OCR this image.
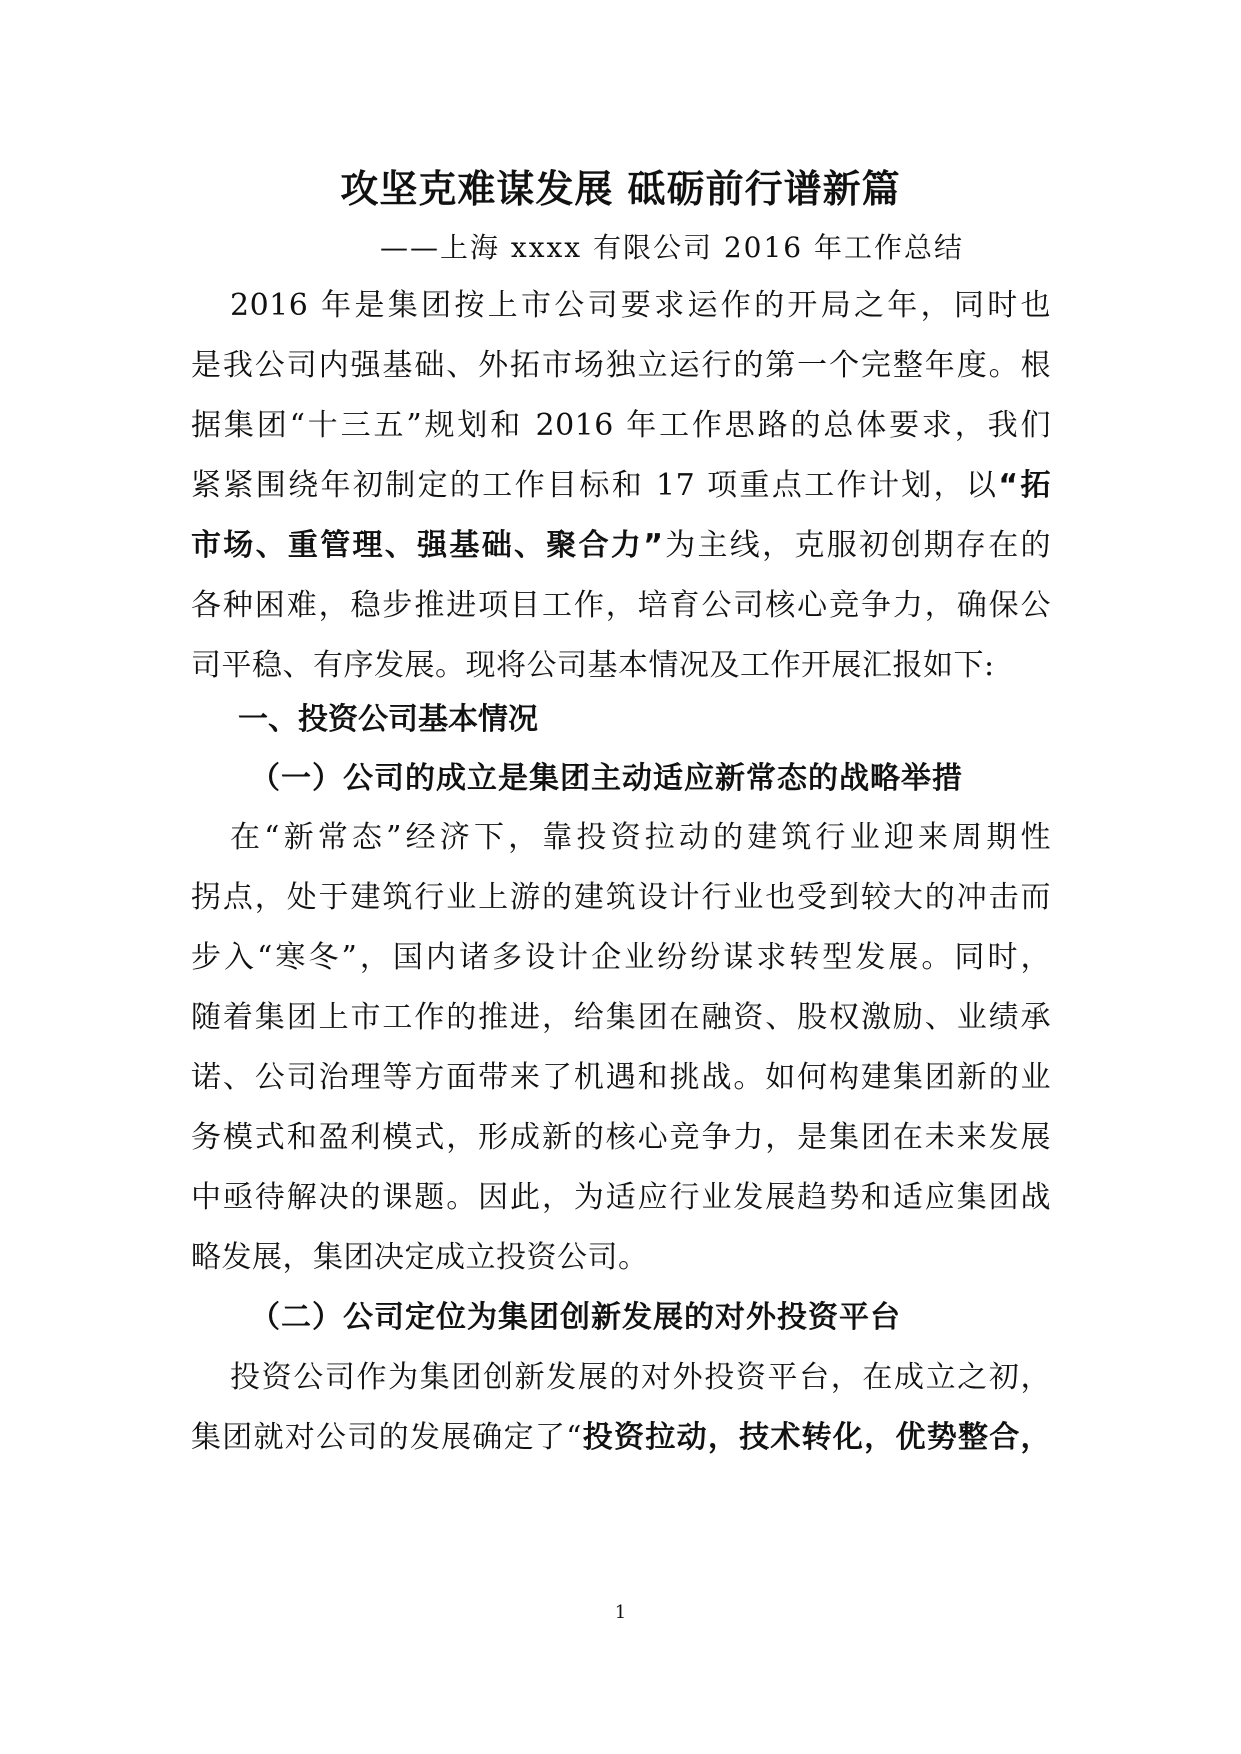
攻坚克难谋发展 砥砺前行谱新篇
——上海 xxxx 有限公司 2016 年工作总结
2016 年是集团按上市公司要求运作的开局之年，同时也
是我公司内强基础、外拓市场独立运行的第一个完整年度。根
据集团“十三五”规划和 2016 年工作思路的总体要求，我们
紧紧围绕年初制定的工作目标和 17 项重点工作计划，以“拓
市场、重管理、强基础、聚合力”为主线，克服初创期存在的
各种困难，稳步推进项目工作，培育公司核心竞争力，确保公
司平稳、有序发展。现将公司基本情况及工作开展汇报如下:
一、投资公司基本情况
（一）公司的成立是集团主动适应新常态的战略举措
在“新常态”经济下，靠投资拉动的建筑行业迎来周期性
拐点，处于建筑行业上游的建筑设计行业也受到较大的冲击而
步入“寒冬”，国内诸多设计企业纷纷谋求转型发展。同时，
随着集团上市工作的推进，给集团在融资、股权激励、业绩承
诺、公司治理等方面带来了机遇和挑战。如何构建集团新的业
务模式和盈利模式，形成新的核心竞争力，是集团在未来发展
中亟待解决的课题。因此，为适应行业发展趋势和适应集团战
略发展，集团决定成立投资公司。
（二）公司定位为集团创新发展的对外投资平台
投资公司作为集团创新发展的对外投资平台，在成立之初，
集团就对公司的发展确定了“投资拉动，技术转化，优势整合，
1
